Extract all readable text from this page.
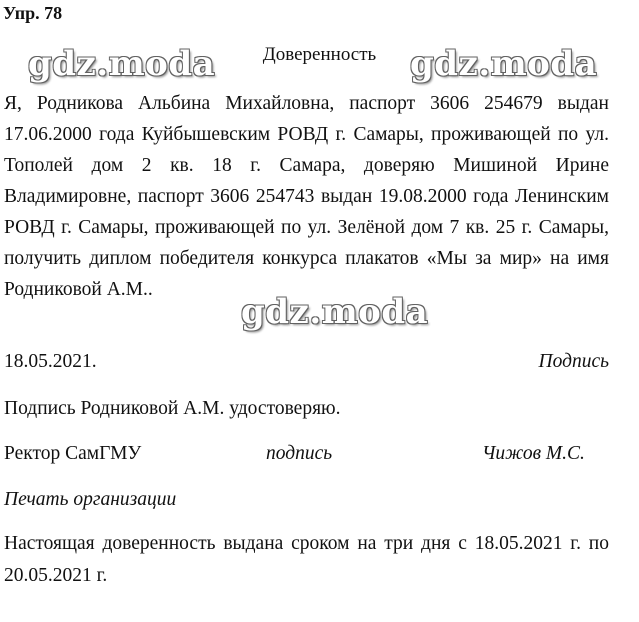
Упр. 78
Доверенность

Я, Родникова Альбина Михайловна, паспорт 3606 254679 выдан 17.06.2000 года Куйбышевским РОВД г. Самары, проживающей по ул. Тополей дом 2 кв. 18 г. Самара, доверяю Мишиной Ирине Владимировне, паспорт 3606 254743 выдан 19.08.2000 года Ленинским РОВД г. Самары, проживающей по ул. Зелёной дом 7 кв. 25 г. Самары, получить диплом победителя конкурса плакатов «Мы за мир» на имя Родниковой А.М..

18.05.2021.	Подпись
Подпись Родниковой А.М. удостоверяю.
Ректор СамГМУ	подпись	Чижов М.С.
Печать организации

Настоящая доверенность выдана сроком на три дня с 18.05.2021 г. по 20.05.2021 г.

gdz.moda	gdz.moda
gdz.moda
